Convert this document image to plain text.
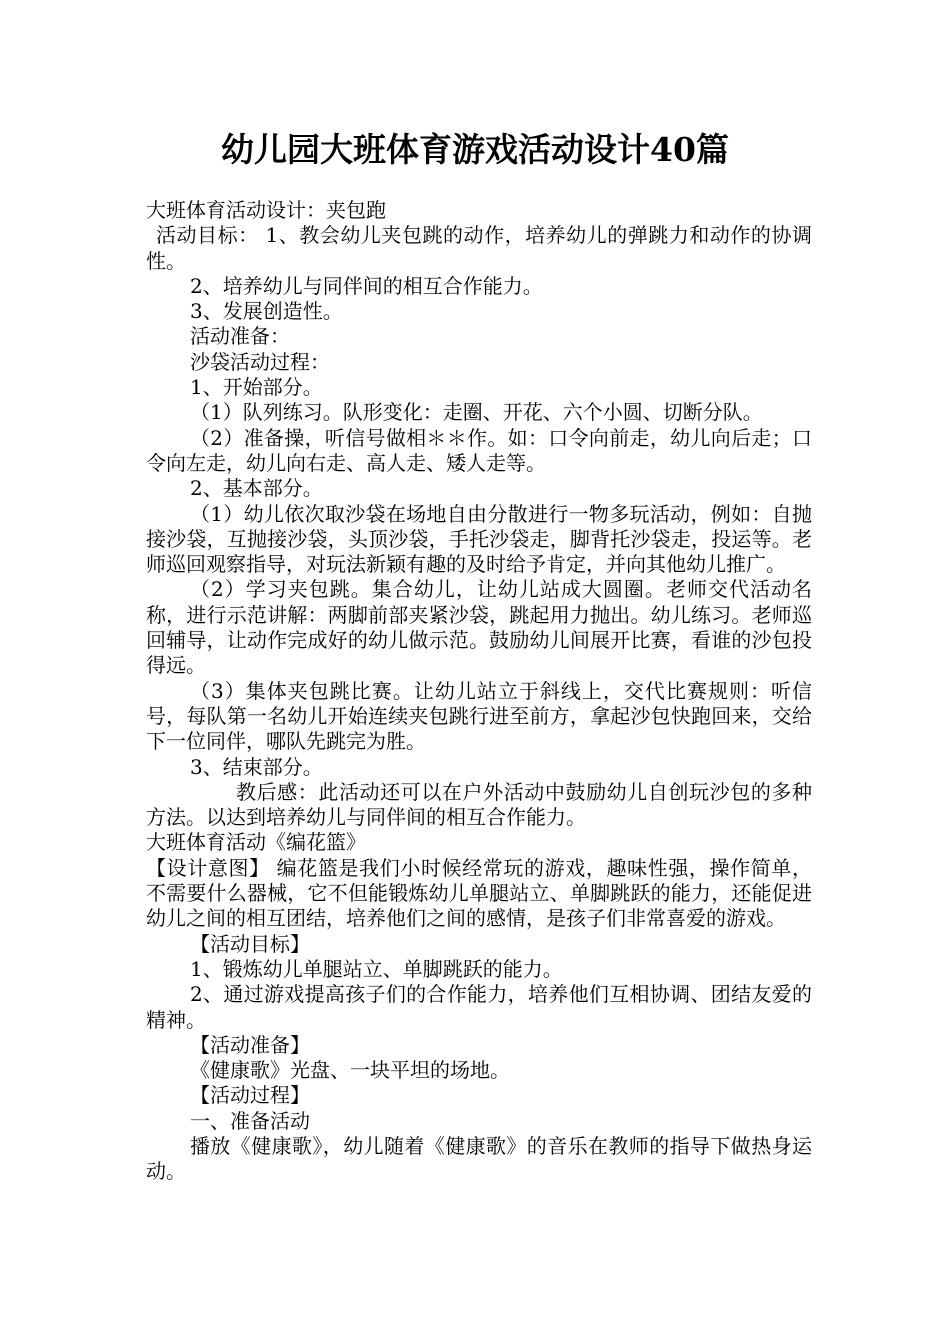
幼儿园大班体育游戏活动设计40篇

大班体育活动设计：夹包跑

活动目标： 1、教会幼儿夹包跳的动作，培养幼儿的弹跳力和动作的协调性。

2、培养幼儿与同伴间的相互合作能力。

3、发展创造性。

活动准备：

沙袋活动过程：

1、开始部分。

（1）队列练习。队形变化：走圈、开花、六个小圆、切断分队。

（2）准备操，听信号做相＊＊作。如：口令向前走，幼儿向后走；口令向左走，幼儿向右走、高人走、矮人走等。

2、基本部分。

（1）幼儿依次取沙袋在场地自由分散进行一物多玩活动，例如：自抛接沙袋，互抛接沙袋，头顶沙袋，手托沙袋走，脚背托沙袋走，投运等。老师巡回观察指导，对玩法新颖有趣的及时给予肯定，并向其他幼儿推广。

（2）学习夹包跳。集合幼儿，让幼儿站成大圆圈。老师交代活动名称，进行示范讲解：两脚前部夹紧沙袋，跳起用力抛出。幼儿练习。老师巡回辅导，让动作完成好的幼儿做示范。鼓励幼儿间展开比赛，看谁的沙包投得远。

（3）集体夹包跳比赛。让幼儿站立于斜线上，交代比赛规则：听信号，每队第一名幼儿开始连续夹包跳行进至前方，拿起沙包快跑回来，交给下一位同伴，哪队先跳完为胜。

3、结束部分。

教后感：此活动还可以在户外活动中鼓励幼儿自创玩沙包的多种方法。以达到培养幼儿与同伴间的相互合作能力。

大班体育活动《编花篮》

【设计意图】 编花篮是我们小时候经常玩的游戏，趣味性强，操作简单，不需要什么器械，它不但能锻炼幼儿单腿站立、单脚跳跃的能力，还能促进幼儿之间的相互团结，培养他们之间的感情，是孩子们非常喜爱的游戏。

【活动目标】

1、锻炼幼儿单腿站立、单脚跳跃的能力。

2、通过游戏提高孩子们的合作能力，培养他们互相协调、团结友爱的精神。

【活动准备】

《健康歌》光盘、一块平坦的场地。

【活动过程】

一、准备活动

播放《健康歌》，幼儿随着《健康歌》的音乐在教师的指导下做热身运动。
